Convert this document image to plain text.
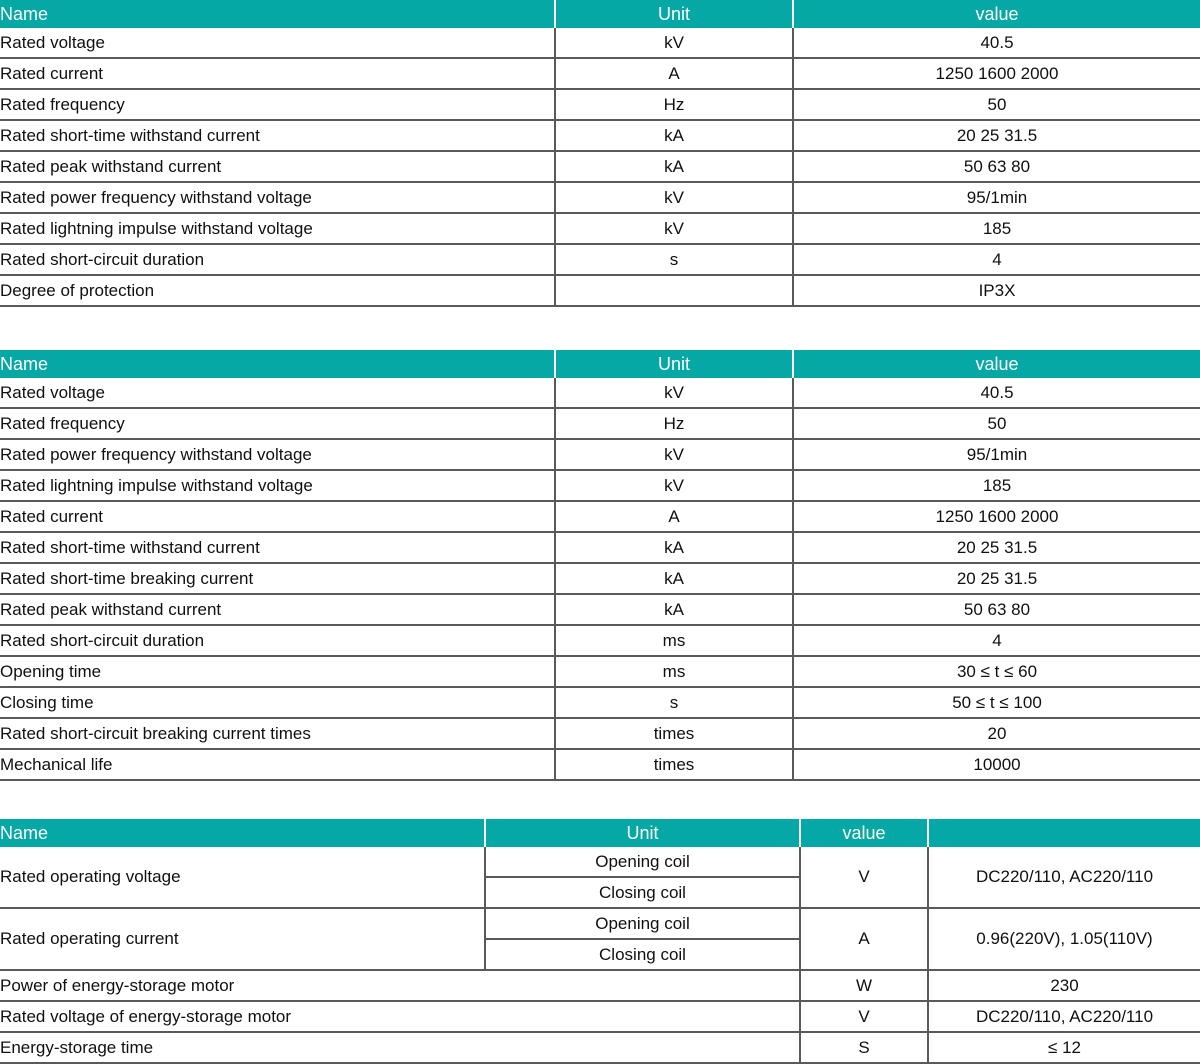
Name	Unit	value
Rated voltage	kV	40.5
Rated current	A	1250 1600 2000
Rated frequency	Hz	50
Rated short-time withstand current	kA	20 25 31.5
Rated peak withstand current	kA	50 63 80
Rated power frequency withstand voltage	kV	95/1min
Rated lightning impulse withstand voltage	kV	185
Rated short-circuit duration	s	4
Degree of protection		IP3X

Name	Unit	value
Rated voltage	kV	40.5
Rated frequency	Hz	50
Rated power frequency withstand voltage	kV	95/1min
Rated lightning impulse withstand voltage	kV	185
Rated current	A	1250 1600 2000
Rated short-time withstand current	kA	20 25 31.5
Rated short-time breaking current	kA	20 25 31.5
Rated peak withstand current	kA	50 63 80
Rated short-circuit duration	ms	4
Opening time	ms	30 ≤ t ≤ 60
Closing time	s	50 ≤ t ≤ 100
Rated short-circuit breaking current times	times	20
Mechanical life	times	10000

Name	Unit	value	
Rated operating voltage	Opening coil	V	DC220/110, AC220/110
	Closing coil		
Rated operating current	Opening coil	A	0.96(220V), 1.05(110V)
	Closing coil		
Power of energy-storage motor		W	230
Rated voltage of energy-storage motor		V	DC220/110, AC220/110
Energy-storage time		S	≤ 12
